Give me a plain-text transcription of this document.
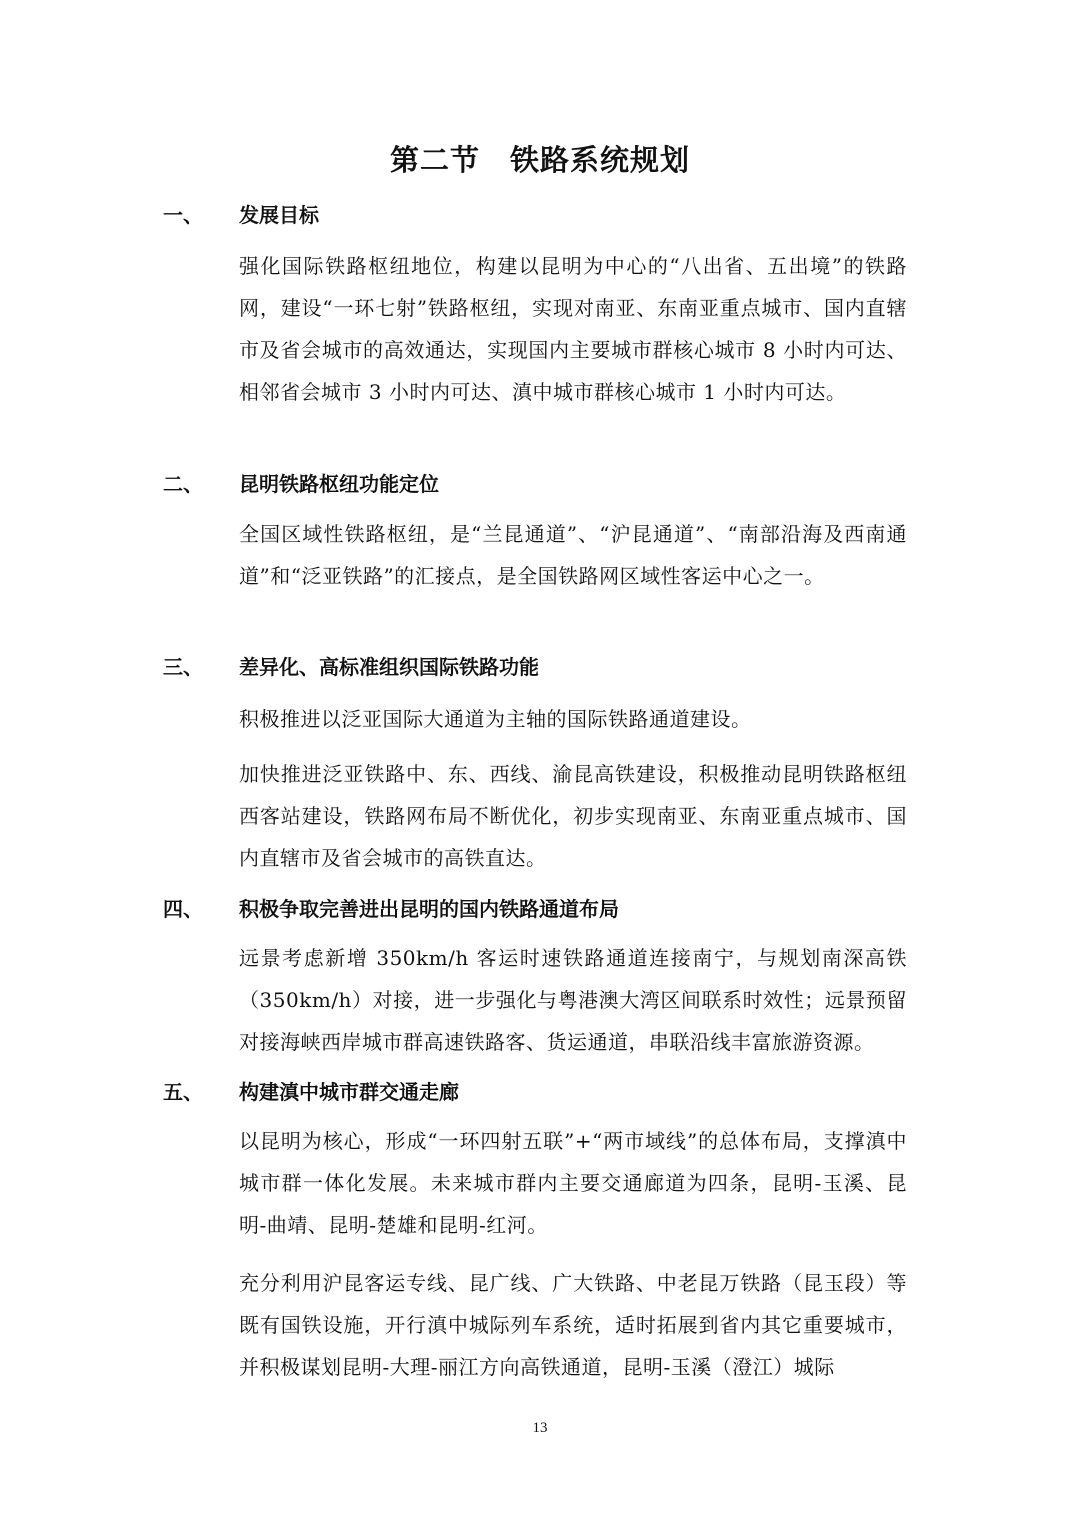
第二节 铁路系统规划
一、 发展目标

强化国际铁路枢纽地位，构建以昆明为中心的“八出省、五出境”的铁路网，建设“一环七射”铁路枢纽，实现对南亚、东南亚重点城市、国内直辖市及省会城市的高效通达，实现国内主要城市群核心城市 8 小时内可达、相邻省会城市 3 小时内可达、滇中城市群核心城市 1 小时内可达。

二、 昆明铁路枢纽功能定位

全国区域性铁路枢纽，是“兰昆通道”、“沪昆通道”、“南部沿海及西南通道”和“泛亚铁路”的汇接点，是全国铁路网区域性客运中心之一。

三、 差异化、高标准组织国际铁路功能

积极推进以泛亚国际大通道为主轴的国际铁路通道建设。

加快推进泛亚铁路中、东、西线、渝昆高铁建设，积极推动昆明铁路枢纽西客站建设，铁路网布局不断优化，初步实现南亚、东南亚重点城市、国内直辖市及省会城市的高铁直达。

四、 积极争取完善进出昆明的国内铁路通道布局

远景考虑新增 350km/h 客运时速铁路通道连接南宁，与规划南深高铁（350km/h）对接，进一步强化与粤港澳大湾区间联系时效性；远景预留对接海峡西岸城市群高速铁路客、货运通道，串联沿线丰富旅游资源。

五、 构建滇中城市群交通走廊

以昆明为核心，形成“一环四射五联”+“两市域线”的总体布局，支撑滇中城市群一体化发展。未来城市群内主要交通廊道为四条，昆明-玉溪、昆明-曲靖、昆明-楚雄和昆明-红河。

充分利用沪昆客运专线、昆广线、广大铁路、中老昆万铁路（昆玉段）等既有国铁设施，开行滇中城际列车系统，适时拓展到省内其它重要城市，并积极谋划昆明-大理-丽江方向高铁通道，昆明-玉溪（澄江）城际

13
